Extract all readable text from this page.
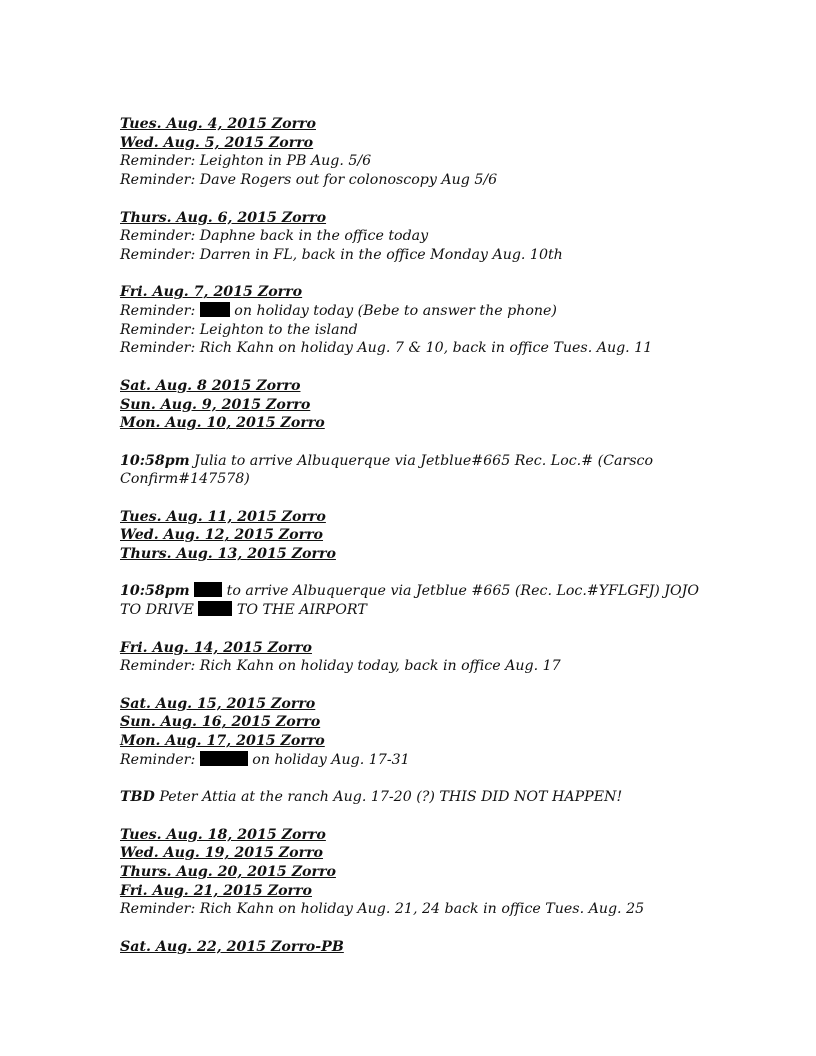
Tues. Aug. 4, 2015 Zorro
Wed. Aug. 5, 2015 Zorro
Reminder: Leighton in PB Aug. 5/6
Reminder: Dave Rogers out for colonoscopy Aug 5/6
Thurs. Aug. 6, 2015 Zorro
Reminder: Daphne back in the office today
Reminder: Darren in FL, back in the office Monday Aug. 10th
Fri. Aug. 7, 2015 Zorro
Reminder:  on holiday today (Bebe to answer the phone)
Reminder: Leighton to the island
Reminder: Rich Kahn on holiday Aug. 7 & 10, back in office Tues. Aug. 11
Sat. Aug. 8 2015 Zorro
Sun. Aug. 9, 2015 Zorro
Mon. Aug. 10, 2015 Zorro
10:58pm Julia to arrive Albuquerque via Jetblue#665 Rec. Loc.# (Carsco Confirm#147578)
Tues. Aug. 11, 2015 Zorro
Wed. Aug. 12, 2015 Zorro
Thurs. Aug. 13, 2015 Zorro
10:58pm  to arrive Albuquerque via Jetblue #665 (Rec. Loc.#YFLGFJ) JOJO TO DRIVE  TO THE AIRPORT
Fri. Aug. 14, 2015 Zorro
Reminder: Rich Kahn on holiday today, back in office Aug. 17
Sat. Aug. 15, 2015 Zorro
Sun. Aug. 16, 2015 Zorro
Mon. Aug. 17, 2015 Zorro
Reminder:	on holiday Aug. 17-31
TBD Peter Attia at the ranch Aug. 17-20 (?) THIS DID NOT HAPPEN!
Tues. Aug. 18, 2015 Zorro
Wed. Aug. 19, 2015 Zorro
Thurs. Aug. 20, 2015 Zorro
Fri. Aug. 21, 2015 Zorro
Reminder: Rich Kahn on holiday Aug. 21, 24 back in office Tues. Aug. 25
Sat. Aug. 22, 2015 Zorro-PB
